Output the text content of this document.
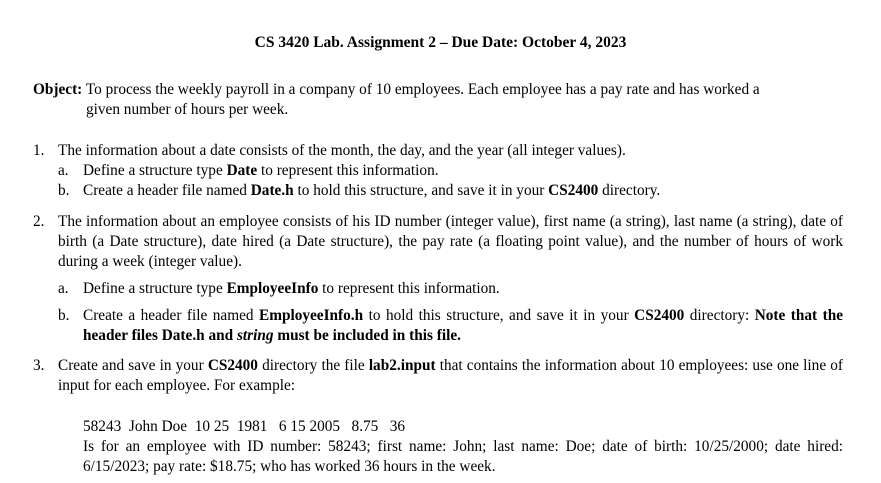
CS 3420 Lab. Assignment 2 – Due Date: October 4, 2023
Object: To process the weekly payroll in a company of 10 employees. Each employee has a pay rate and has worked a
given number of hours per week.
1. The information about a date consists of the month, the day, and the year (all integer values).
a. Define a structure type Date to represent this information.
b. Create a header file named Date.h to hold this structure, and save it in your CS2400 directory.
2. The information about an employee consists of his ID number (integer value), first name (a string), last name (a string), date of birth (a Date structure), date hired (a Date structure), the pay rate (a floating point value), and the number of hours of work during a week (integer value).
a. Define a structure type EmployeeInfo to represent this information.
b. Create a header file named EmployeeInfo.h to hold this structure, and save it in your CS2400 directory: Note that the header files Date.h and string must be included in this file.
3. Create and save in your CS2400 directory the file lab2.input that contains the information about 10 employees: use one line of input for each employee. For example:
58243  John Doe  10 25  1981   6 15 2005   8.75   36
Is for an employee with ID number: 58243; first name: John; last name: Doe; date of birth: 10/25/2000; date hired: 6/15/2023; pay rate: $18.75; who has worked 36 hours in the week.
